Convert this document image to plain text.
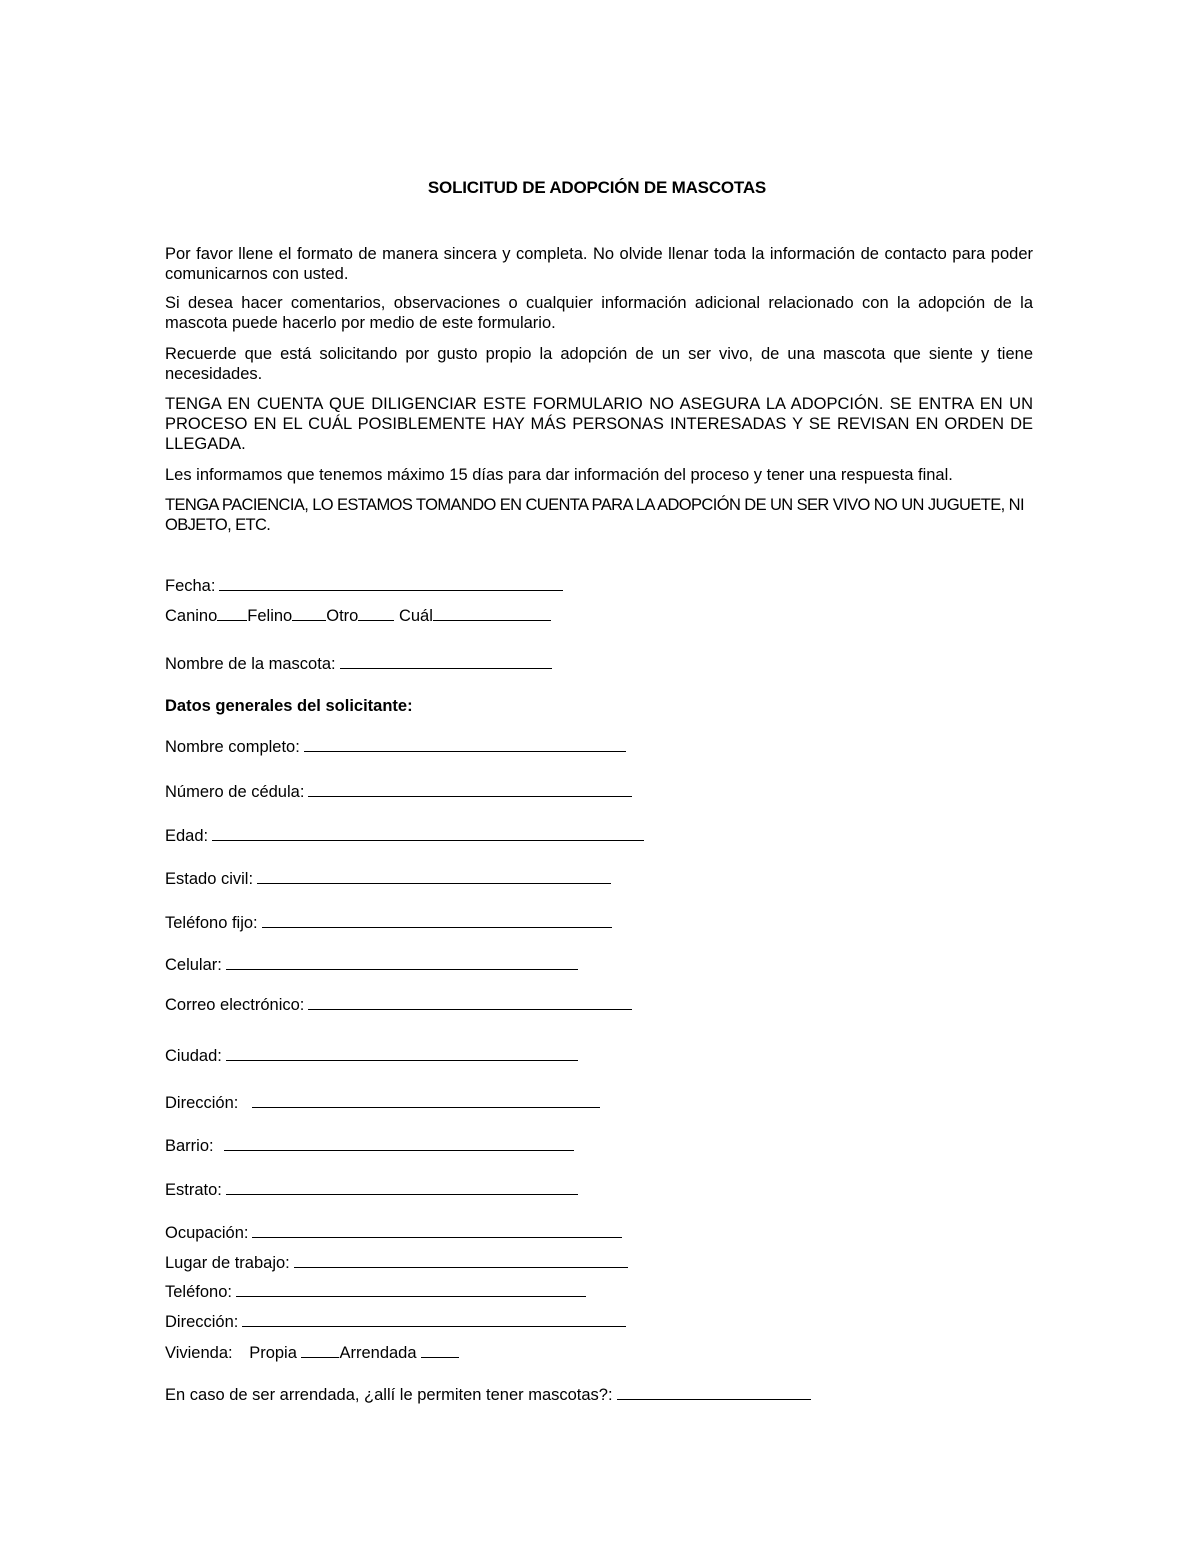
SOLICITUD DE ADOPCIÓN DE MASCOTAS

Por favor llene el formato de manera sincera y completa. No olvide llenar toda la información de contacto para poder comunicarnos con usted.

Si desea hacer comentarios, observaciones o cualquier información adicional relacionado con la adopción de la mascota puede hacerlo por medio de este formulario.

Recuerde que está solicitando por gusto propio la adopción de un ser vivo, de una mascota que siente y tiene necesidades.

TENGA EN CUENTA QUE DILIGENCIAR ESTE FORMULARIO NO ASEGURA LA ADOPCIÓN. SE ENTRA EN UN PROCESO EN EL CUÁL POSIBLEMENTE HAY MÁS PERSONAS INTERESADAS Y SE REVISAN EN ORDEN DE LLEGADA.

Les informamos que tenemos máximo 15 días para dar información del proceso y tener una respuesta final.

TENGA PACIENCIA, LO ESTAMOS TOMANDO EN CUENTA PARA LA ADOPCIÓN DE UN SER VIVO NO UN JUGUETE, NI OBJETO, ETC.

Fecha:
Canino Felino Otro Cuál
Nombre de la mascota:
Datos generales del solicitante:
Nombre completo:
Número de cédula:
Edad:
Estado civil:
Teléfono fijo:
Celular:
Correo electrónico:
Ciudad:
Dirección:
Barrio:
Estrato:
Ocupación:
Lugar de trabajo:
Teléfono:
Dirección:
Vivienda: Propia	Arrendada
En caso de ser arrendada, ¿allí le permiten tener mascotas?:
